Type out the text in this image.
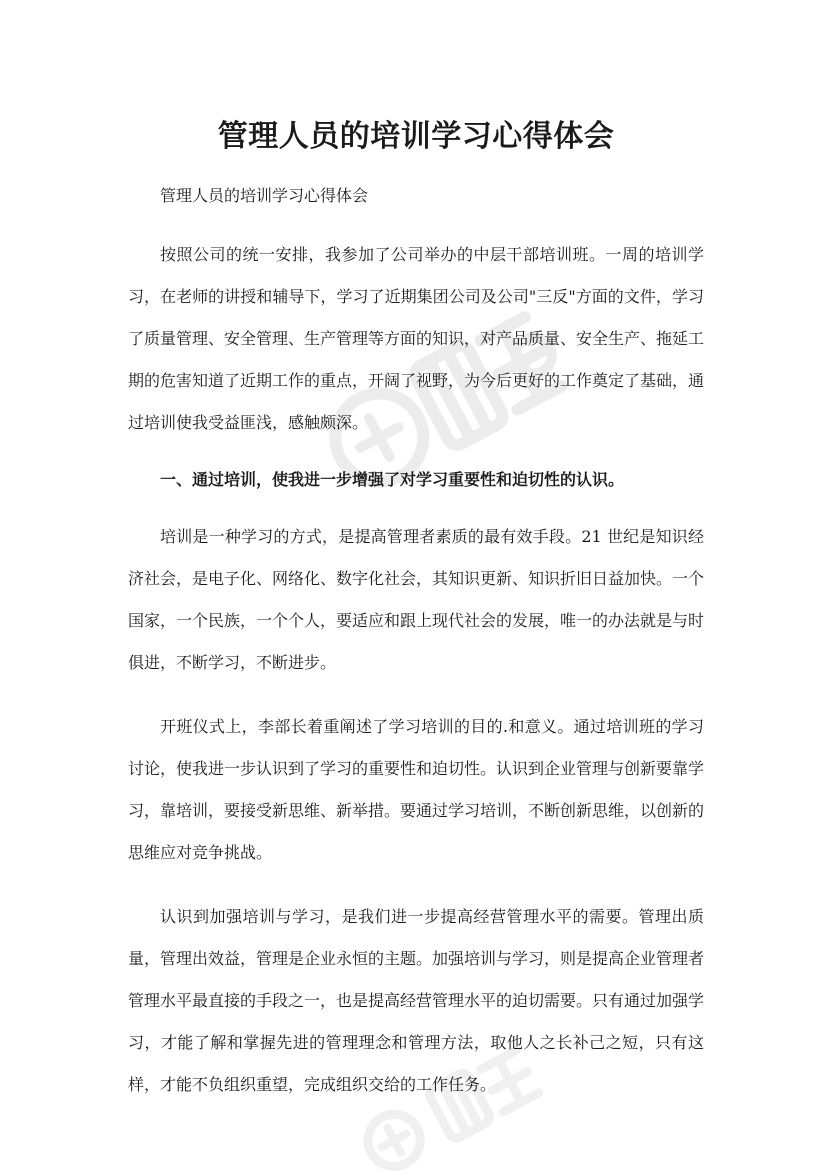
管理人员的培训学习心得体会

管理人员的培训学习心得体会

按照公司的统一安排，我参加了公司举办的中层干部培训班。一周的培训学习，在老师的讲授和辅导下，学习了近期集团公司及公司"三反"方面的文件，学习了质量管理、安全管理、生产管理等方面的知识，对产品质量、安全生产、拖延工期的危害知道了近期工作的重点，开阔了视野，为今后更好的工作奠定了基础，通过培训使我受益匪浅，感触颇深。

一、通过培训，使我进一步增强了对学习重要性和迫切性的认识。

培训是一种学习的方式，是提高管理者素质的最有效手段。21 世纪是知识经济社会，是电子化、网络化、数字化社会，其知识更新、知识折旧日益加快。一个国家，一个民族，一个个人，要适应和跟上现代社会的发展，唯一的办法就是与时俱进，不断学习，不断进步。

开班仪式上，李部长着重阐述了学习培训的目的.和意义。通过培训班的学习讨论，使我进一步认识到了学习的重要性和迫切性。认识到企业管理与创新要靠学习，靠培训，要接受新思维、新举措。要通过学习培训，不断创新思维，以创新的思维应对竞争挑战。

认识到加强培训与学习，是我们进一步提高经营管理水平的需要。管理出质量，管理出效益，管理是企业永恒的主题。加强培训与学习，则是提高企业管理者管理水平最直接的手段之一，也是提高经营管理水平的迫切需要。只有通过加强学习，才能了解和掌握先进的管理理念和管理方法，取他人之长补己之短，只有这样，才能不负组织重望，完成组织交给的工作任务。
